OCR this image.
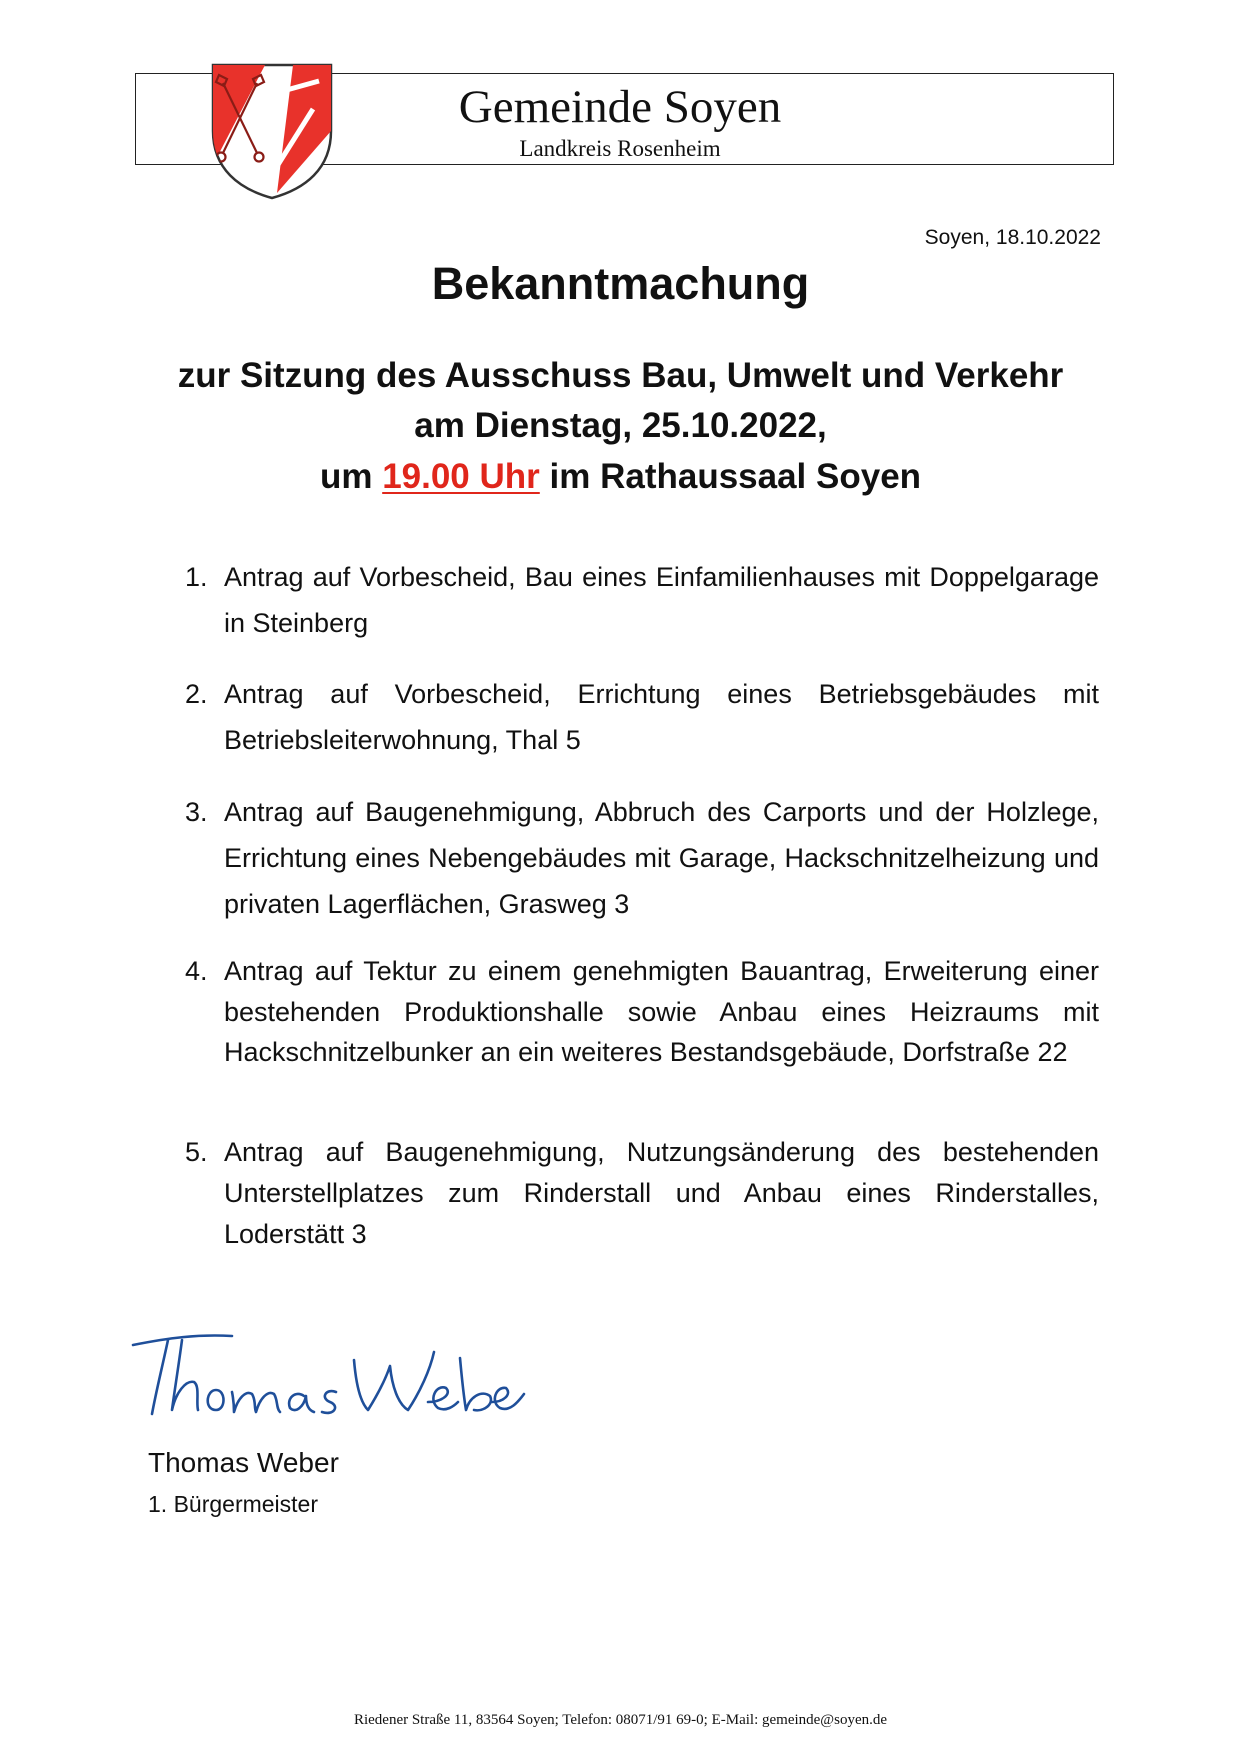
Gemeinde Soyen
Landkreis Rosenheim
Soyen, 18.10.2022
Bekanntmachung
zur Sitzung des Ausschuss Bau, Umwelt und Verkehr
am Dienstag, 25.10.2022,
um 19.00 Uhr im Rathaussaal Soyen
1. Antrag auf Vorbescheid, Bau eines Einfamilienhauses mit Doppelgarage in Steinberg
2. Antrag auf Vorbescheid, Errichtung eines Betriebsgebäudes mit Betriebsleiterwohnung, Thal 5
3. Antrag auf Baugenehmigung, Abbruch des Carports und der Holzlege, Errichtung eines Nebengebäudes mit Garage, Hackschnitzelheizung und privaten Lagerflächen, Grasweg 3
4. Antrag auf Tektur zu einem genehmigten Bauantrag, Erweiterung einer bestehenden Produktionshalle sowie Anbau eines Heizraums mit Hackschnitzelbunker an ein weiteres Bestandsgebäude, Dorfstraße 22
5. Antrag auf Baugenehmigung, Nutzungsänderung des bestehenden Unterstellplatzes zum Rinderstall und Anbau eines Rinderstalles, Loderstätt 3
Thomas Weber
1. Bürgermeister
Riedener Straße 11, 83564 Soyen; Telefon: 08071/91 69-0; E-Mail: gemeinde@soyen.de
